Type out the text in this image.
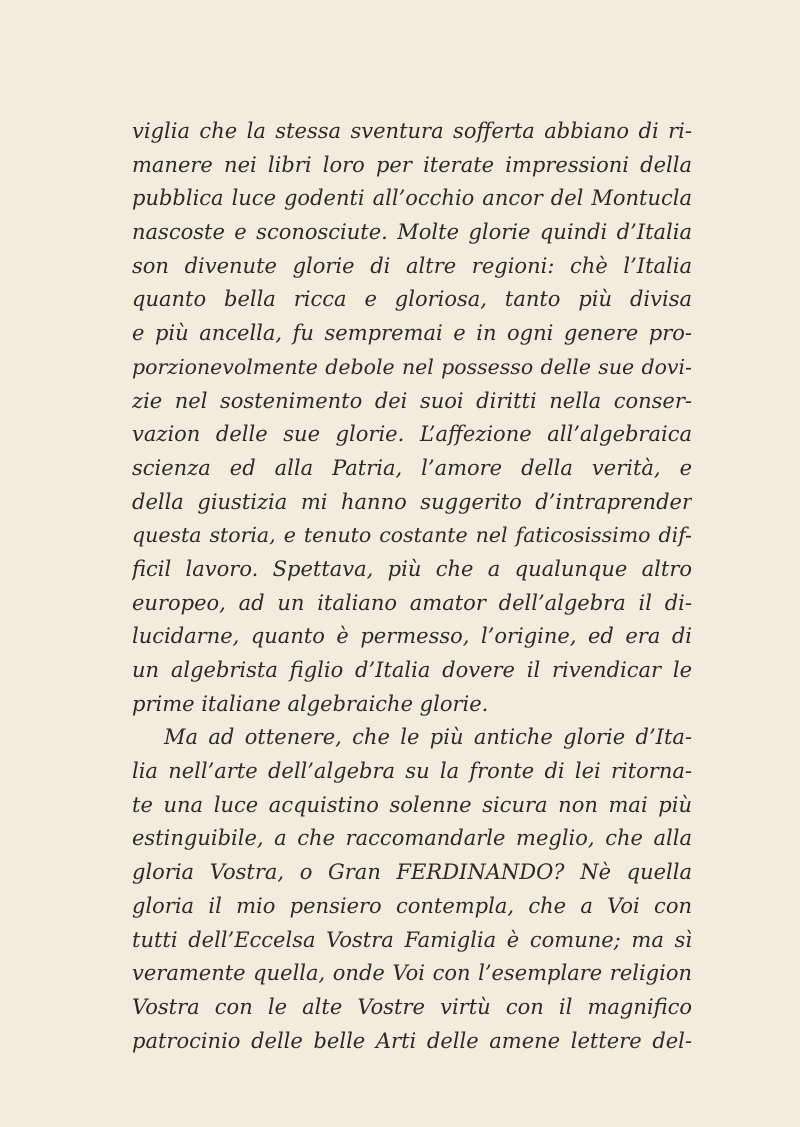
viglia che la stessa sventura sofferta abbiano di ri-
manere nei libri loro per iterate impressioni della
pubblica luce godenti all’occhio ancor del Montucla
nascoste e sconosciute. Molte glorie quindi d’Italia
son divenute glorie di altre regioni: chè l’Italia
quanto bella ricca e gloriosa, tanto più divisa
e più ancella, fu sempremai e in ogni genere pro-
porzionevolmente debole nel possesso delle sue dovi-
zie nel sostenimento dei suoi diritti nella conser-
vazion delle sue glorie. L’affezione all’algebraica
scienza ed alla Patria, l’amore della verità, e
della giustizia mi hanno suggerito d’intraprender
questa storia, e tenuto costante nel faticosissimo dif-
ficil lavoro. Spettava, più che a qualunque altro
europeo, ad un italiano amator dell’algebra il di-
lucidarne, quanto è permesso, l’origine, ed era di
un algebrista figlio d’Italia dovere il rivendicar le
prime italiane algebraiche glorie.
Ma ad ottenere, che le più antiche glorie d’Ita-
lia nell’arte dell’algebra su la fronte di lei ritorna-
te una luce acquistino solenne sicura non mai più
estinguibile, a che raccomandarle meglio, che alla
gloria Vostra, o Gran FERDINANDO? Nè quella
gloria il mio pensiero contempla, che a Voi con
tutti dell’Eccelsa Vostra Famiglia è comune; ma sì
veramente quella, onde Voi con l’esemplare religion
Vostra con le alte Vostre virtù con il magnifico
patrocinio delle belle Arti delle amene lettere del-
